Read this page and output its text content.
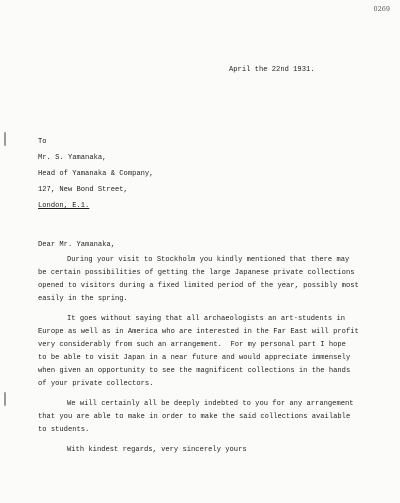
0269
April the 22nd 1931.
To
Mr. S. Yamanaka,
Head of Yamanaka & Company,
127, New Bond Street,
London, E.1.
Dear Mr. Yamanaka,
During your visit to Stockholm you kindly mentioned that there may
be certain possibilities of getting the large Japanese private collections
opened to visitors during a fixed limited period of the year, possibly most
easily in the spring.
It goes without saying that all archaeologists an art-students in
Europe as well as in America who are interested in the Far East will profit
very considerably from such an arrangement.  For my personal part I hope
to be able to visit Japan in a near future and would appreciate immensely
when given an opportunity to see the magnificent collections in the hands
of your private collectors.
We will certainly all be deeply indebted to you for any arrangement
that you are able to make in order to make the said collections available
to students.
With kindest regards, very sincerely yours
